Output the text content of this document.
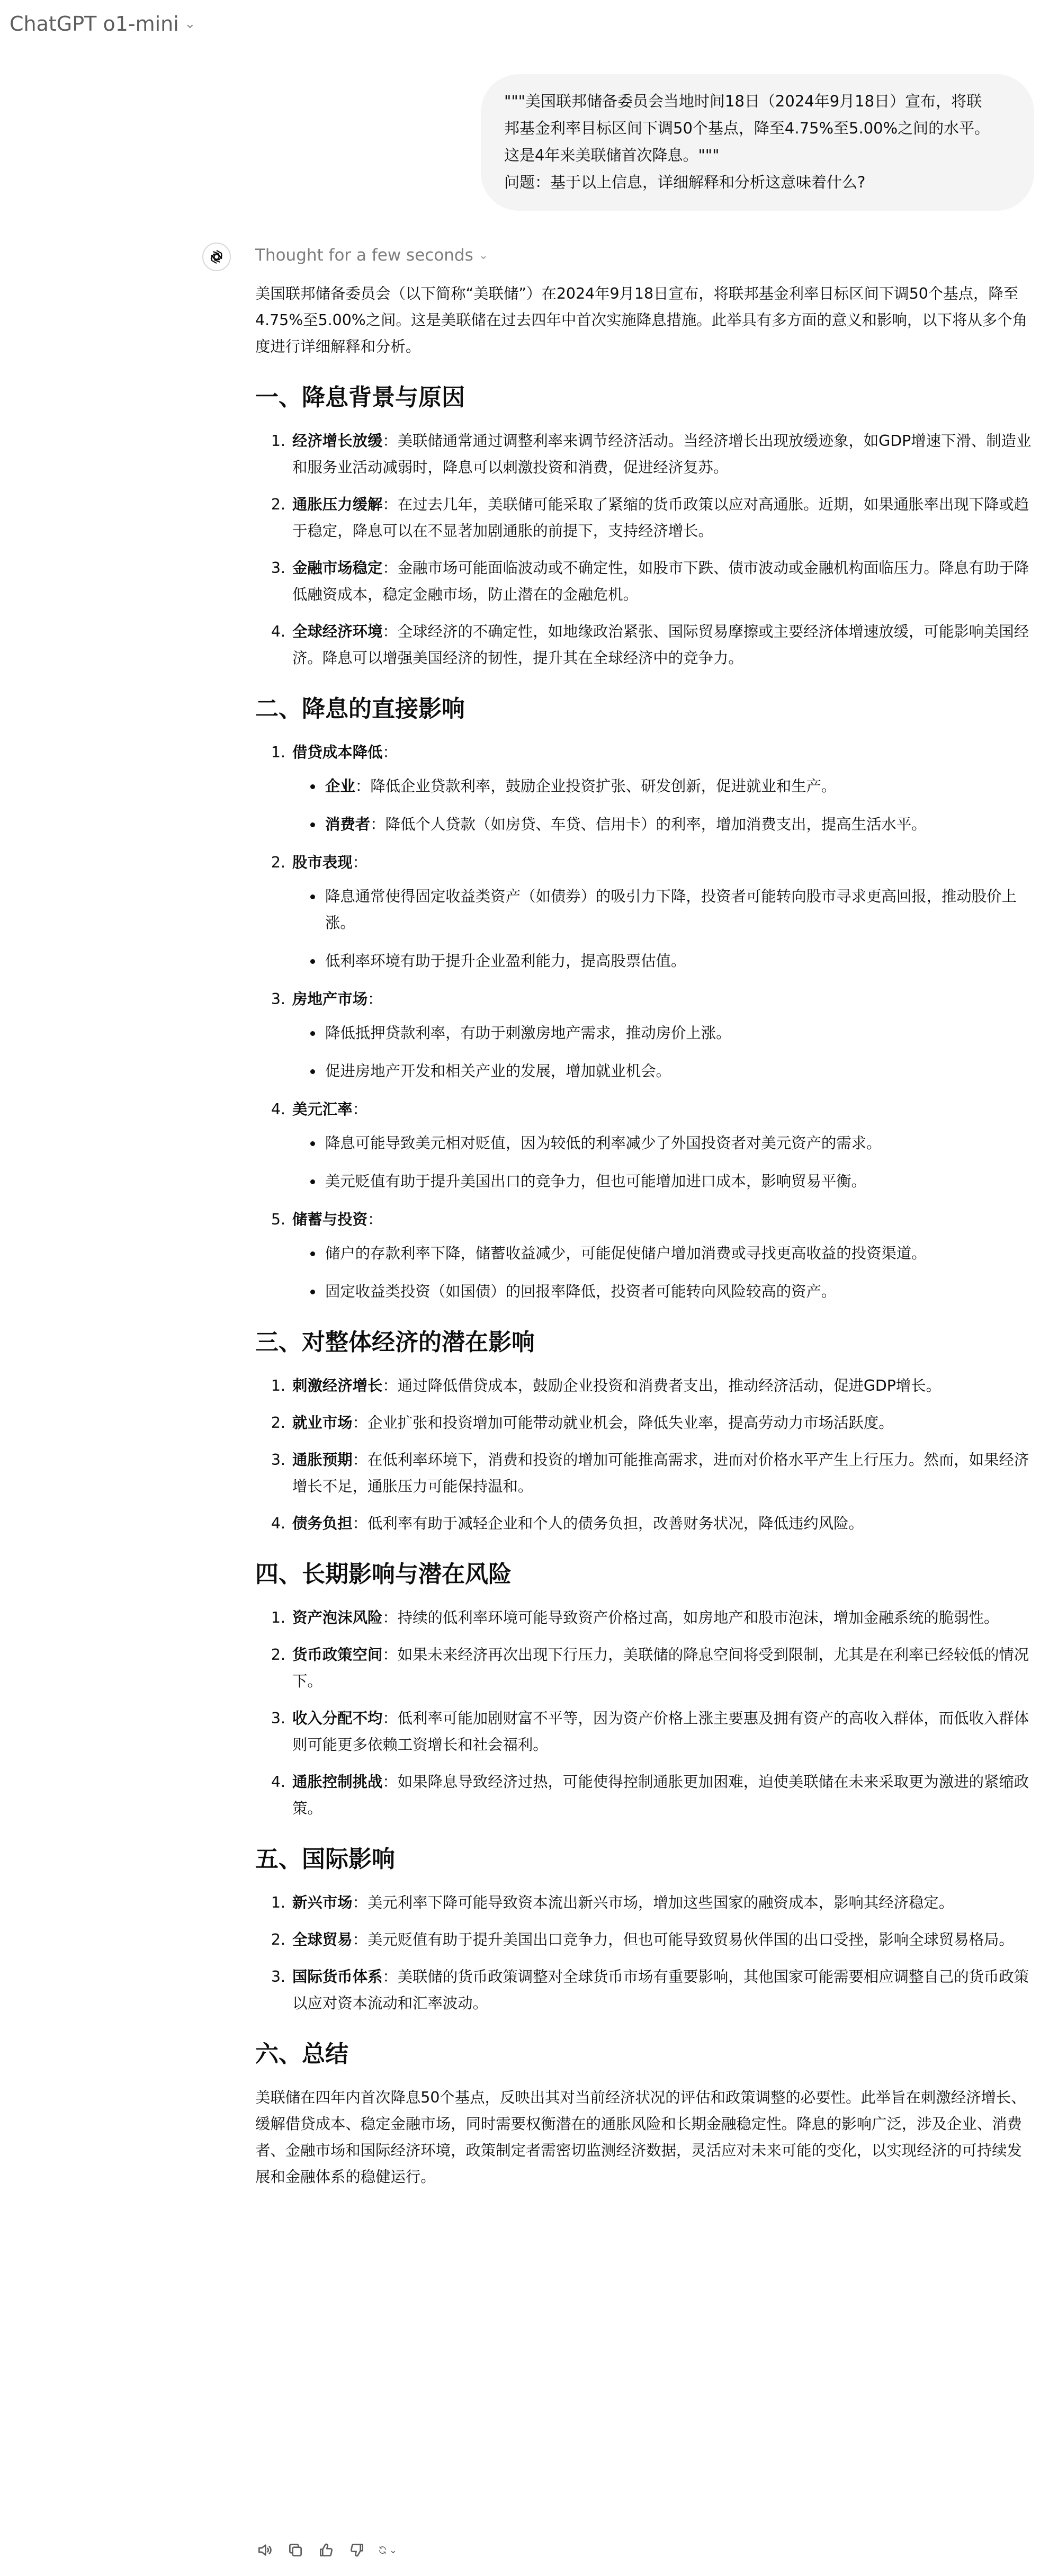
ChatGPT o1-mini ⌄

"""美国联邦储备委员会当地时间18日（2024年9月18日）宣布，将联

邦基金利率目标区间下调50个基点，降至4.75%至5.00%之间的水平。

这是4年来美联储首次降息。"""

问题：基于以上信息，详细解释和分析这意味着什么?

Thought for a few seconds ⌄

美国联邦储备委员会（以下简称“美联储”）在2024年9月18日宣布，将联邦基金利率目标区间下调50个基点，降至4.75%至5.00%之间。这是美联储在过去四年中首次实施降息措施。此举具有多方面的意义和影响，以下将从多个角度进行详细解释和分析。

一、降息背景与原因
1. 经济增长放缓：美联储通常通过调整利率来调节经济活动。当经济增长出现放缓迹象，如GDP增速下滑、制造业和服务业活动减弱时，降息可以刺激投资和消费，促进经济复苏。
2. 通胀压力缓解：在过去几年，美联储可能采取了紧缩的货币政策以应对高通胀。近期，如果通胀率出现下降或趋于稳定，降息可以在不显著加剧通胀的前提下，支持经济增长。
3. 金融市场稳定：金融市场可能面临波动或不确定性，如股市下跌、债市波动或金融机构面临压力。降息有助于降低融资成本，稳定金融市场，防止潜在的金融危机。
4. 全球经济环境：全球经济的不确定性，如地缘政治紧张、国际贸易摩擦或主要经济体增速放缓，可能影响美国经济。降息可以增强美国经济的韧性，提升其在全球经济中的竞争力。
二、降息的直接影响
1. 借贷成本降低：
• 企业：降低企业贷款利率，鼓励企业投资扩张、研发创新，促进就业和生产。
• 消费者：降低个人贷款（如房贷、车贷、信用卡）的利率，增加消费支出，提高生活水平。
2. 股市表现：
• 降息通常使得固定收益类资产（如债券）的吸引力下降，投资者可能转向股市寻求更高回报，推动股价上涨。
• 低利率环境有助于提升企业盈利能力，提高股票估值。
3. 房地产市场：
• 降低抵押贷款利率，有助于刺激房地产需求，推动房价上涨。
• 促进房地产开发和相关产业的发展，增加就业机会。
4. 美元汇率：
• 降息可能导致美元相对贬值，因为较低的利率减少了外国投资者对美元资产的需求。
• 美元贬值有助于提升美国出口的竞争力，但也可能增加进口成本，影响贸易平衡。
5. 储蓄与投资：
• 储户的存款利率下降，储蓄收益减少，可能促使储户增加消费或寻找更高收益的投资渠道。
• 固定收益类投资（如国债）的回报率降低，投资者可能转向风险较高的资产。
三、对整体经济的潜在影响
1. 刺激经济增长：通过降低借贷成本，鼓励企业投资和消费者支出，推动经济活动，促进GDP增长。
2. 就业市场：企业扩张和投资增加可能带动就业机会，降低失业率，提高劳动力市场活跃度。
3. 通胀预期：在低利率环境下，消费和投资的增加可能推高需求，进而对价格水平产生上行压力。然而，如果经济增长不足，通胀压力可能保持温和。
4. 债务负担：低利率有助于减轻企业和个人的债务负担，改善财务状况，降低违约风险。
四、长期影响与潜在风险
1. 资产泡沫风险：持续的低利率环境可能导致资产价格过高，如房地产和股市泡沫，增加金融系统的脆弱性。
2. 货币政策空间：如果未来经济再次出现下行压力，美联储的降息空间将受到限制，尤其是在利率已经较低的情况下。
3. 收入分配不均：低利率可能加剧财富不平等，因为资产价格上涨主要惠及拥有资产的高收入群体，而低收入群体则可能更多依赖工资增长和社会福利。
4. 通胀控制挑战：如果降息导致经济过热，可能使得控制通胀更加困难，迫使美联储在未来采取更为激进的紧缩政策。
五、国际影响
1. 新兴市场：美元利率下降可能导致资本流出新兴市场，增加这些国家的融资成本，影响其经济稳定。
2. 全球贸易：美元贬值有助于提升美国出口竞争力，但也可能导致贸易伙伴国的出口受挫，影响全球贸易格局。
3. 国际货币体系：美联储的货币政策调整对全球货币市场有重要影响，其他国家可能需要相应调整自己的货币政策以应对资本流动和汇率波动。
六、总结

美联储在四年内首次降息50个基点，反映出其对当前经济状况的评估和政策调整的必要性。此举旨在刺激经济增长、缓解借贷成本、稳定金融市场，同时需要权衡潜在的通胀风险和长期金融稳定性。降息的影响广泛，涉及企业、消费者、金融市场和国际经济环境，政策制定者需密切监测经济数据，灵活应对未来可能的变化，以实现经济的可持续发展和金融体系的稳健运行。

⌄
